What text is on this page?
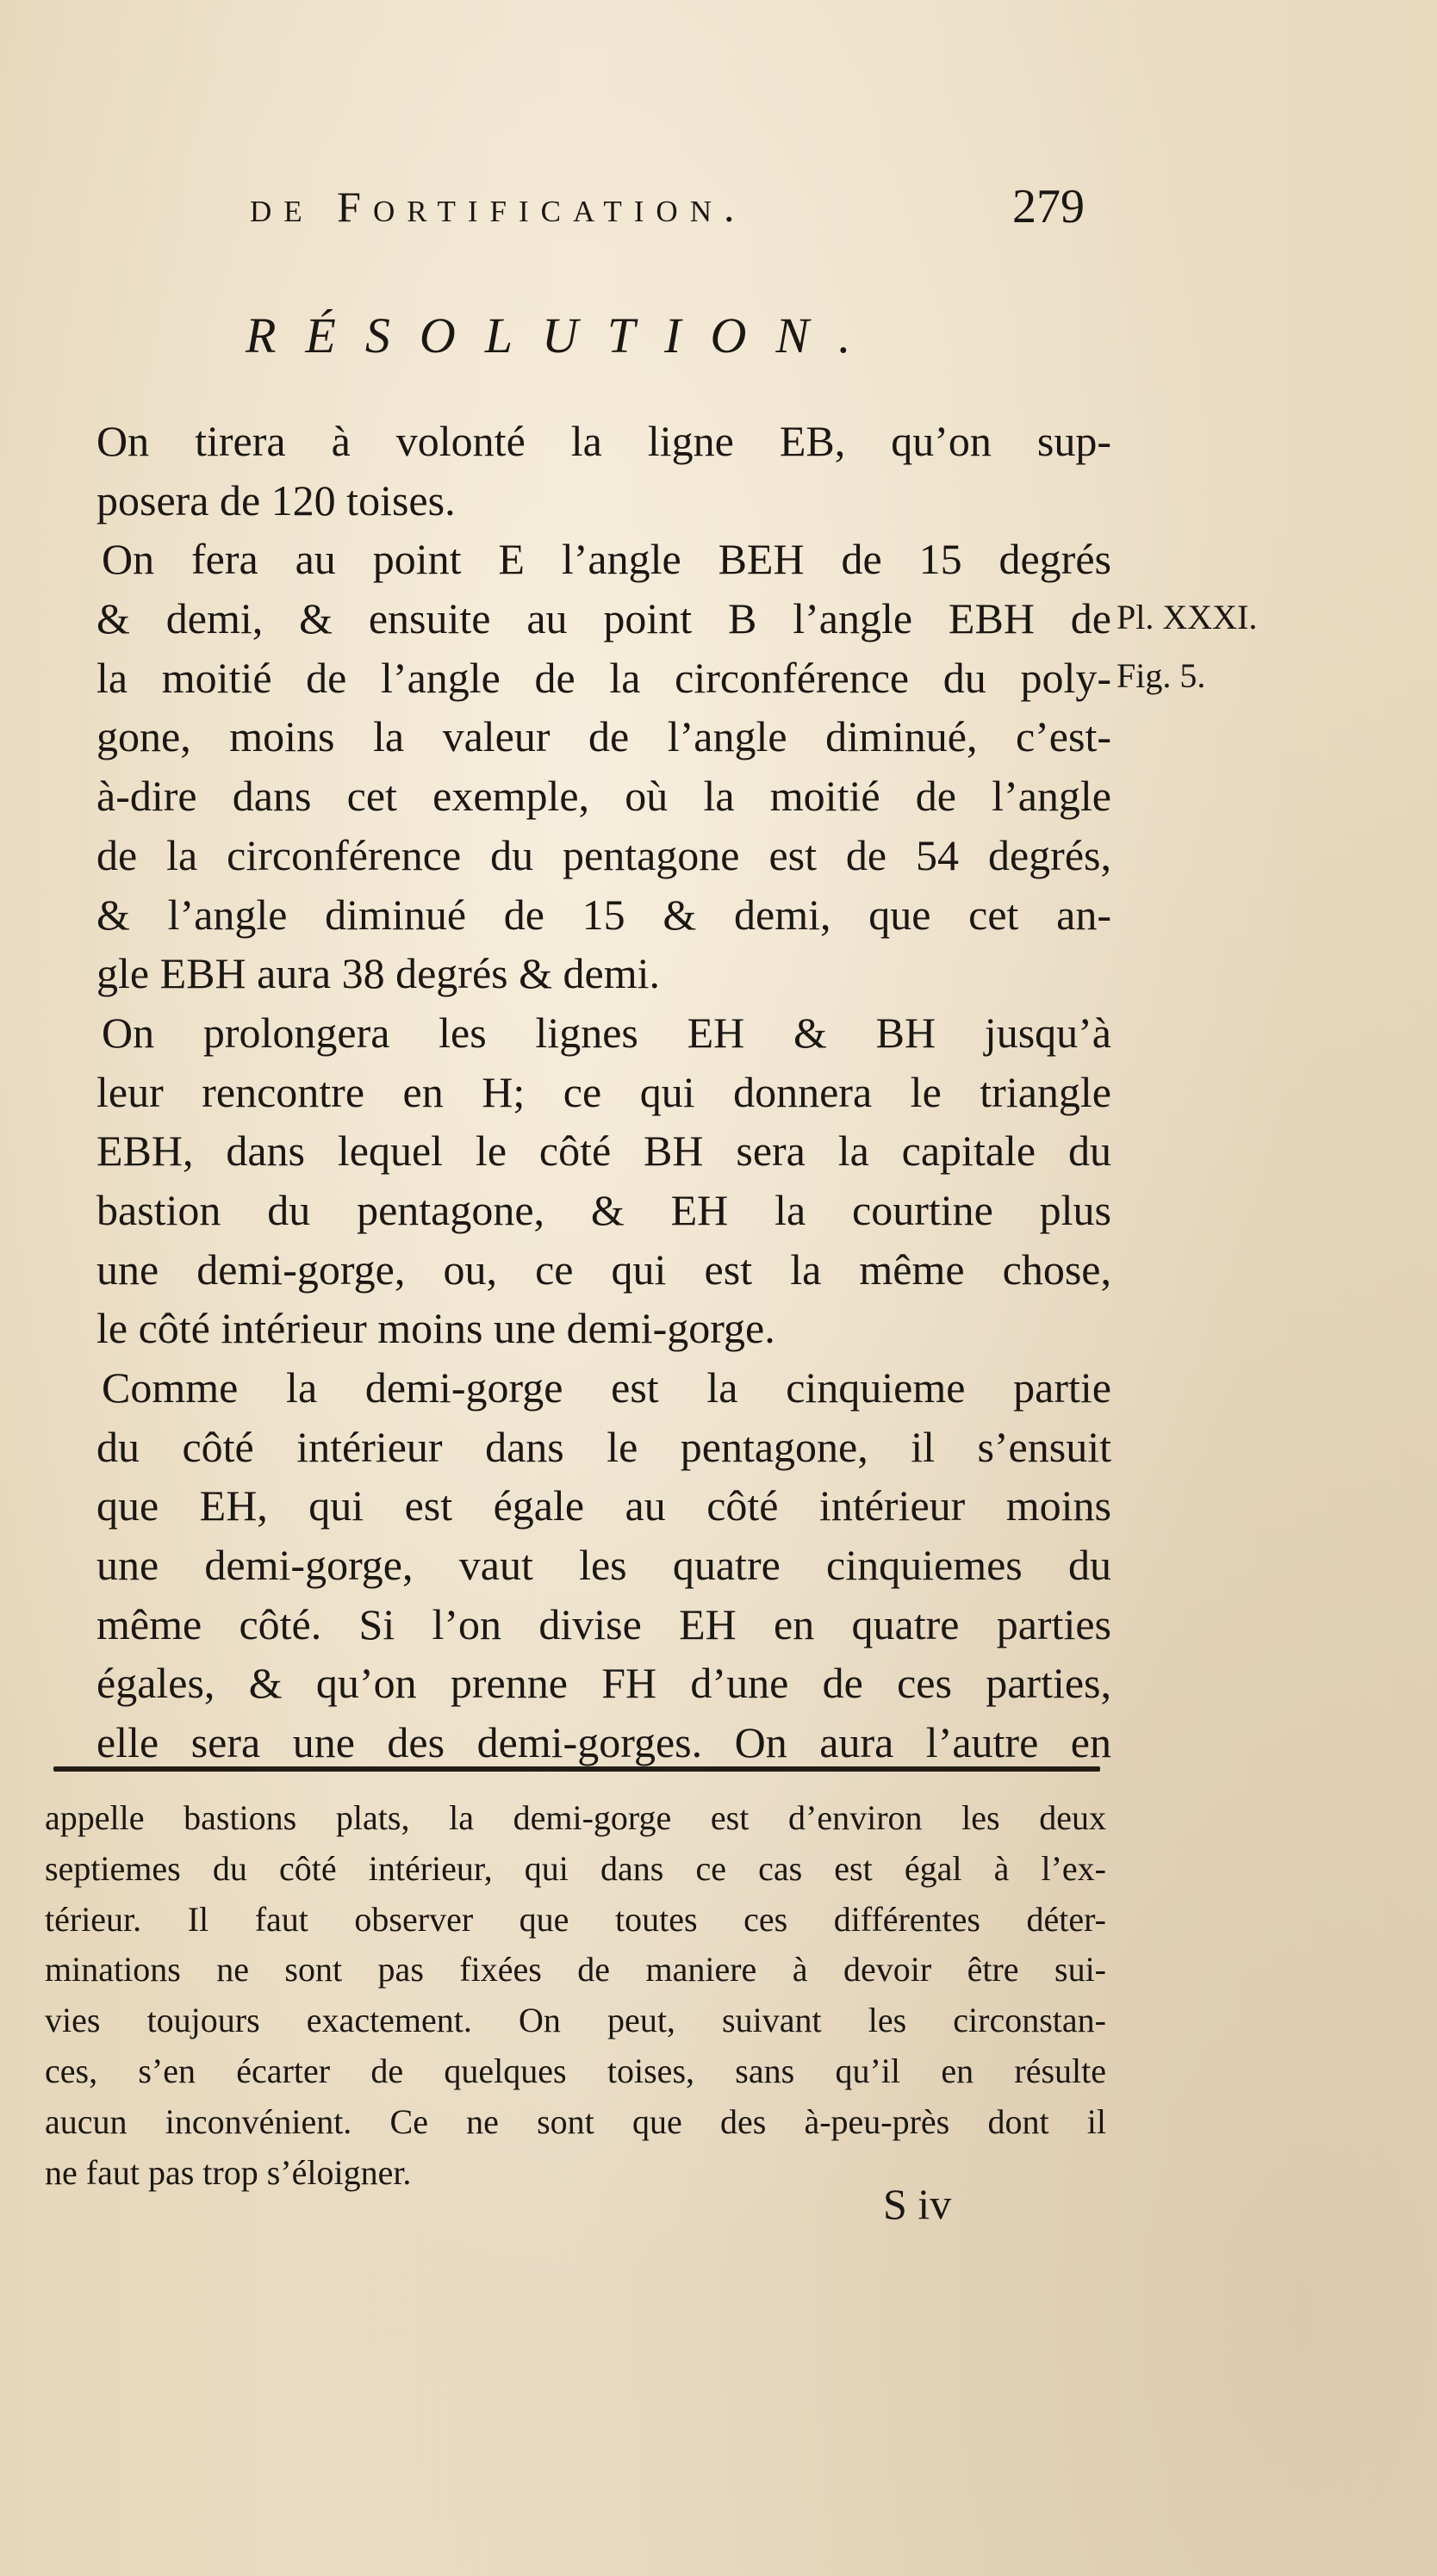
de Fortification.	279
RÉSOLUTION.
On tirera à volonté la ligne EB, qu’on sup-
posera de 120 toises.
On fera au point E l’angle BEH de 15 degrés
& demi, & ensuite au point B l’angle EBH de
la moitié de l’angle de la circonférence du poly-
gone, moins la valeur de l’angle diminué, c’est-
à-dire dans cet exemple, où la moitié de l’angle
de la circonférence du pentagone est de 54 degrés,
& l’angle diminué de 15 & demi, que cet an-
gle EBH aura 38 degrés & demi.
On prolongera les lignes EH & BH jusqu’à
leur rencontre en H; ce qui donnera le triangle
EBH, dans lequel le côté BH sera la capitale du
bastion du pentagone, & EH la courtine plus
une demi-gorge, ou, ce qui est la même chose,
le côté intérieur moins une demi-gorge.
Comme la demi-gorge est la cinquieme partie
du côté intérieur dans le pentagone, il s’ensuit
que EH, qui est égale au côté intérieur moins
une demi-gorge, vaut les quatre cinquiemes du
même côté. Si l’on divise EH en quatre parties
égales, & qu’on prenne FH d’une de ces parties,
elle sera une des demi-gorges. On aura l’autre en
Pl. XXXI.
Fig. 5.
appelle bastions plats, la demi-gorge est d’environ les deux
septiemes du côté intérieur, qui dans ce cas est égal à l’ex-
térieur. Il faut observer que toutes ces différentes déter-
minations ne sont pas fixées de maniere à devoir être sui-
vies toujours exactement. On peut, suivant les circonstan-
ces, s’en écarter de quelques toises, sans qu’il en résulte
aucun inconvénient. Ce ne sont que des à-peu-près dont il
ne faut pas trop s’éloigner.
S iv
